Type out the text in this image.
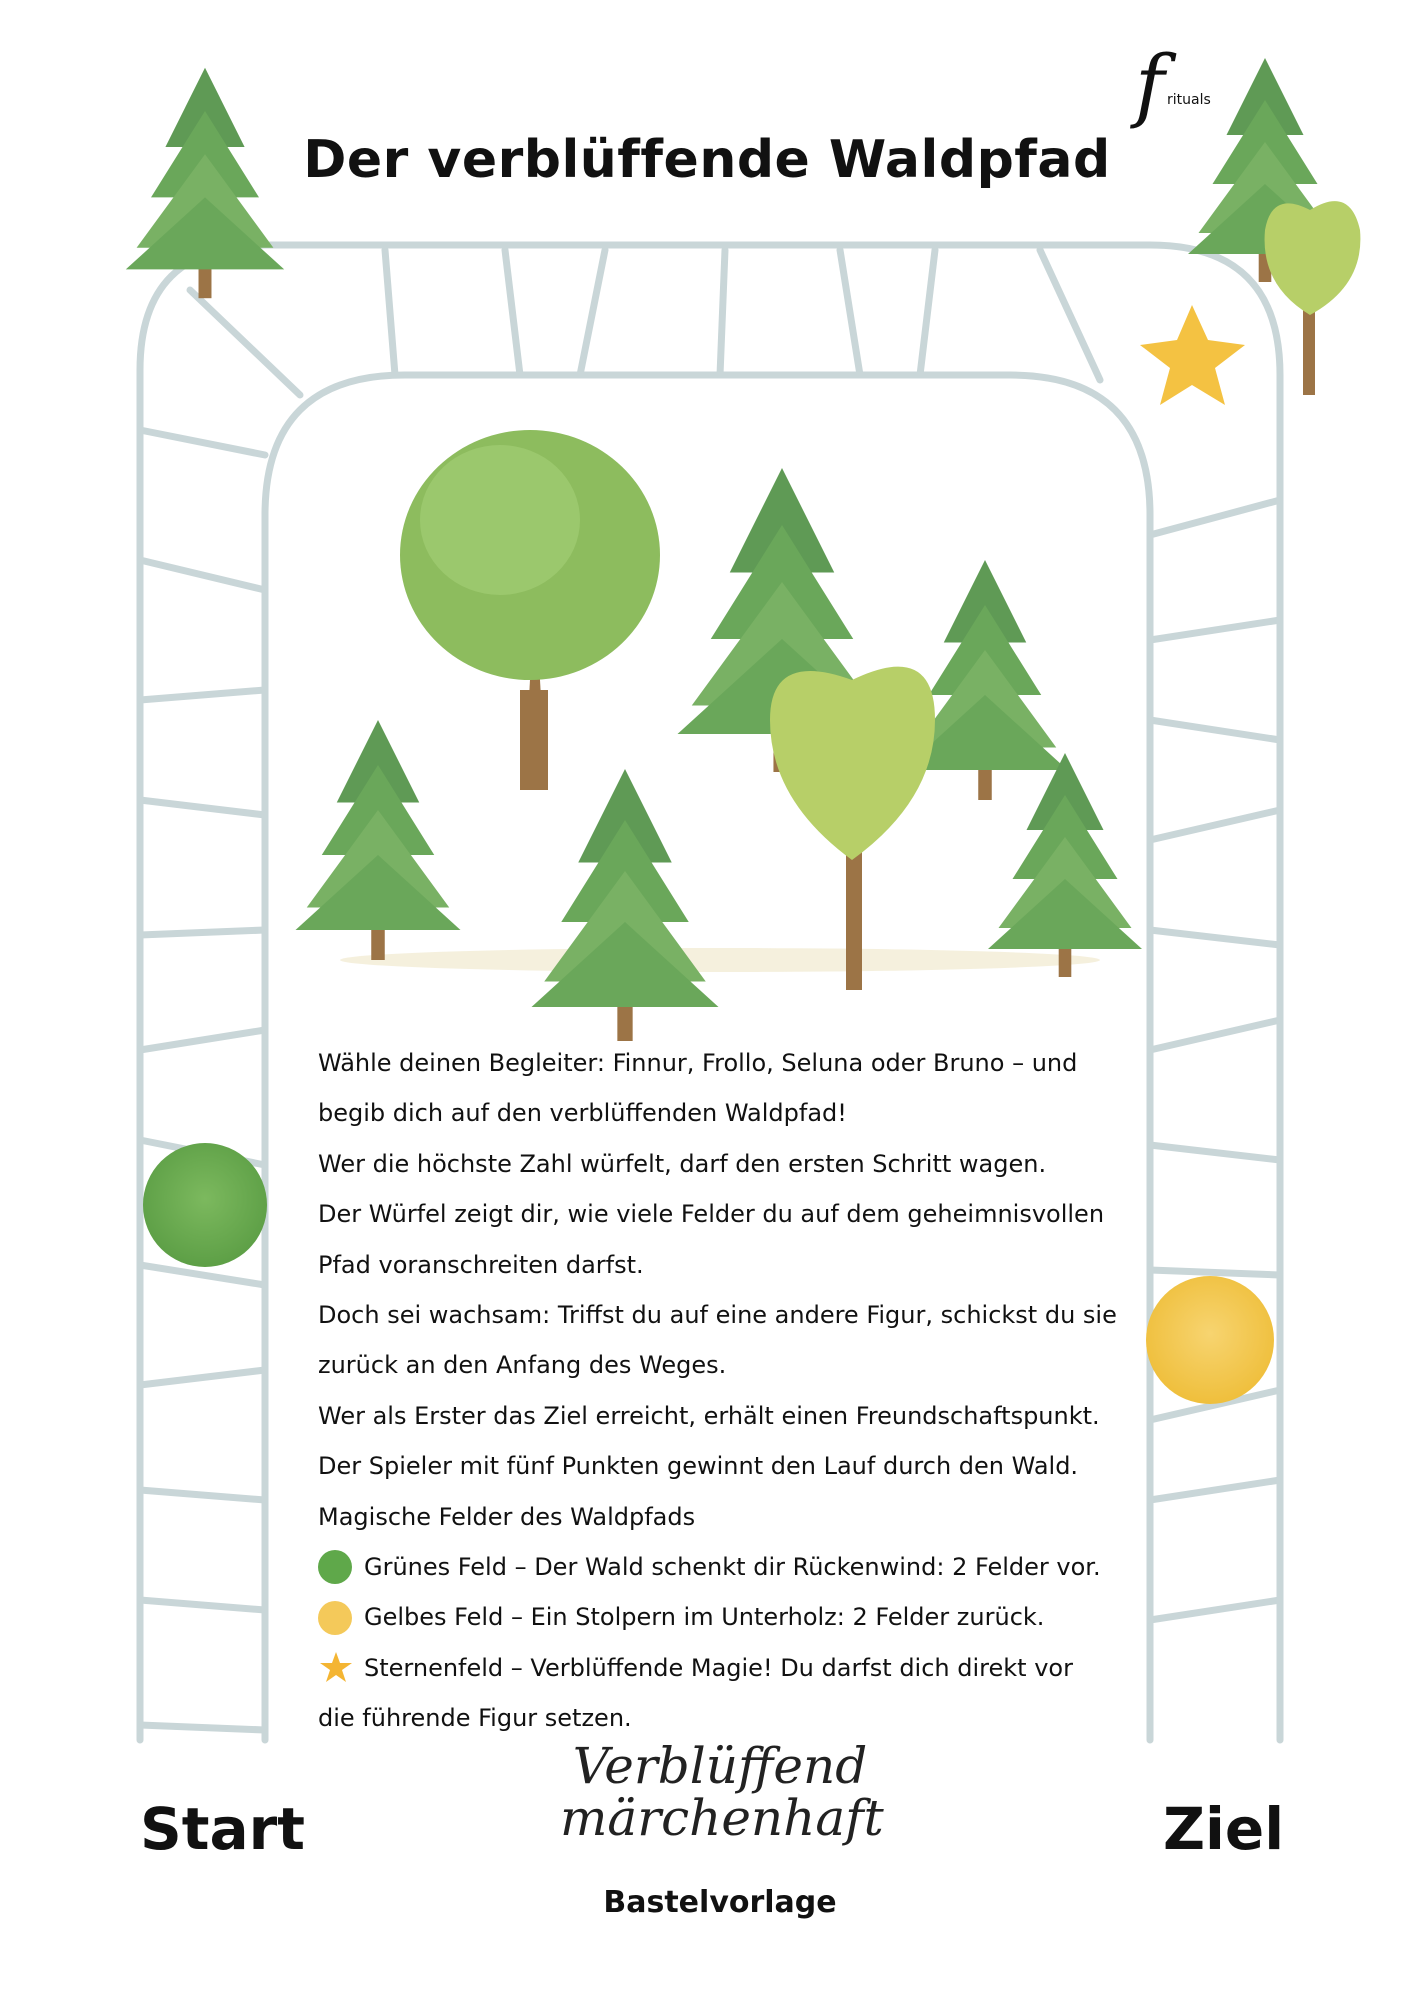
f rituals
Der verblüffende Waldpfad

Wähle deinen Begleiter: Finnur, Frollo, Seluna oder Bruno – und

begib dich auf den verblüffenden Waldpfad!

Wer die höchste Zahl würfelt, darf den ersten Schritt wagen.

Der Würfel zeigt dir, wie viele Felder du auf dem geheimnisvollen

Pfad voranschreiten darfst.

Doch sei wachsam: Triffst du auf eine andere Figur, schickst du sie

zurück an den Anfang des Weges.

Wer als Erster das Ziel erreicht, erhält einen Freundschaftspunkt.

Der Spieler mit fünf Punkten gewinnt den Lauf durch den Wald.

Magische Felder des Waldpfads

Grünes Feld – Der Wald schenkt dir Rückenwind: 2 Felder vor.

Gelbes Feld – Ein Stolpern im Unterholz: 2 Felder zurück.

Sternenfeld – Verblüffende Magie! Du darfst dich direkt vor

die führende Figur setzen.

Start	Ziel
Verblüffend
märchenhaft
Bastelvorlage
